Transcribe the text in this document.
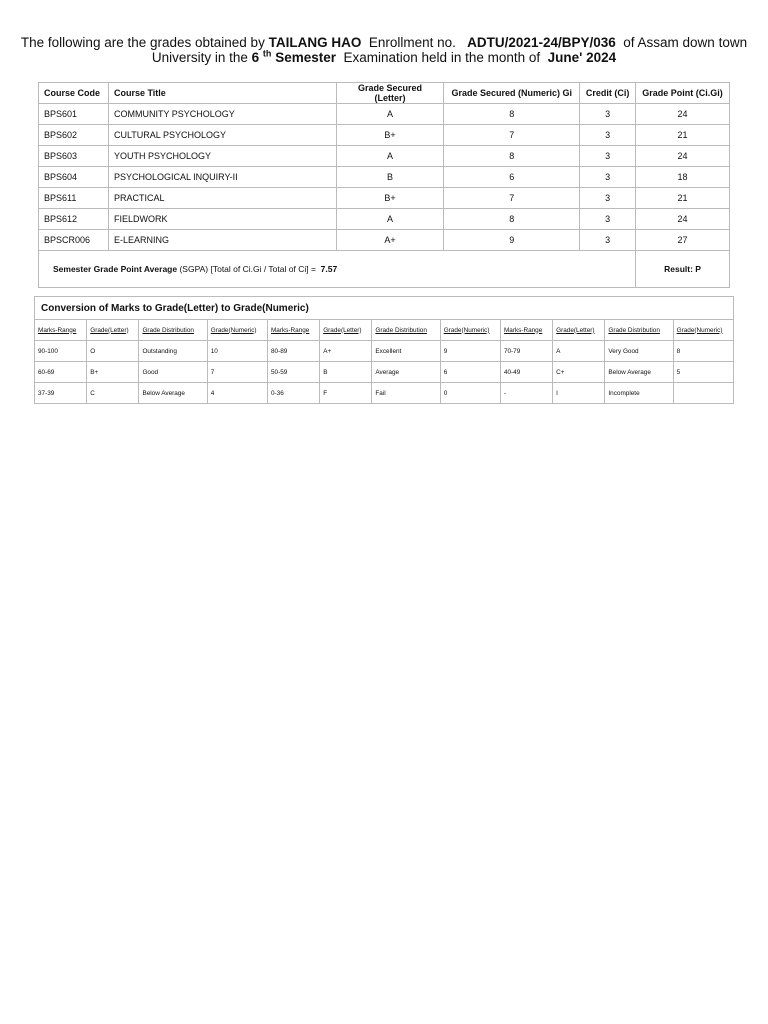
The following are the grades obtained by TAILANG HAO Enrollment no. ADTU/2021-24/BPY/036 of Assam down town University in the 6 $^{th}$ Semester Examination held in the month of June' 2024
Course Code	Course Title	Grade Secured (Letter)	Grade Secured (Numeric) Gi	Credit (Ci)	Grade Point (Ci.Gi)
BPS601	COMMUNITY PSYCHOLOGY	A	8	3	24
BPS602	CULTURAL PSYCHOLOGY	B+	7	3	21
BPS603	YOUTH PSYCHOLOGY	A	8	3	24
BPS604	PSYCHOLOGICAL INQUIRY-II	B	6	3	18
BPS611	PRACTICAL	B+	7	3	21
BPS612	FIELDWORK	A	8	3	24
BPSCR006	E-LEARNING	A+	9	3	27
Semester Grade Point Average (SGPA) [Total of Ci.Gi / Total of Ci] = 7.57					Result: P
Conversion of Marks to Grade(Letter) to Grade(Numeric)											
Marks-Range	Grade(Letter)	Grade Distribution	Grade(Numeric)	Marks-Range	Grade(Letter)	Grade Distribution	Grade(Numeric)	Marks-Range	Grade(Letter)	Grade Distribution	Grade(Numeric)
90-100	O	Outstanding	10	80-89	A+	Excellent	9	70-79	A	Very Good	8
60-69	B+	Good	7	50-59	B	Average	6	40-49	C+	Below Average	5
37-39	C	Below Average	4	0-36	F	Fail	0	-	I	Incomplete	
